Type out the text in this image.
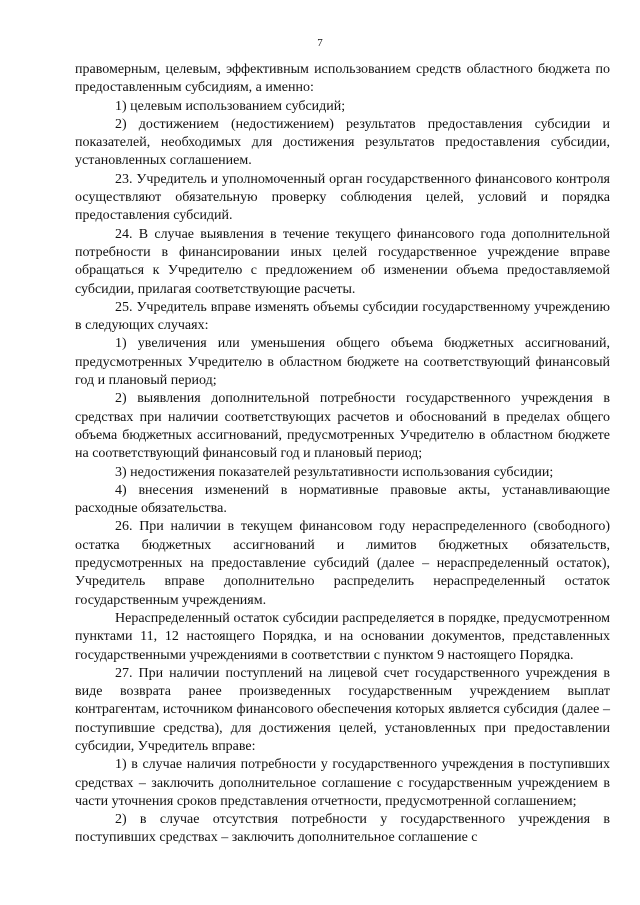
7

правомерным, целевым, эффективным использованием средств областного бюджета по предоставленным субсидиям, а именно:

1) целевым использованием субсидий;

2) достижением (недостижением) результатов предоставления субсидии и показателей, необходимых для достижения результатов предоставления субсидии, установленных соглашением.

23. Учредитель и уполномоченный орган государственного финансового контроля осуществляют обязательную проверку соблюдения целей, условий и порядка предоставления субсидий.

24. В случае выявления в течение текущего финансового года дополнительной потребности в финансировании иных целей государственное учреждение вправе обращаться к Учредителю с предложением об изменении объема предоставляемой субсидии, прилагая соответствующие расчеты.

25. Учредитель вправе изменять объемы субсидии государственному учреждению в следующих случаях:

1) увеличения или уменьшения общего объема бюджетных ассигнований, предусмотренных Учредителю в областном бюджете на соответствующий финансовый год и плановый период;

2) выявления дополнительной потребности государственного учреждения в средствах при наличии соответствующих расчетов и обоснований в пределах общего объема бюджетных ассигнований, предусмотренных Учредителю в областном бюджете на соответствующий финансовый год и плановый период;

3) недостижения показателей результативности использования субсидии;

4) внесения изменений в нормативные правовые акты, устанавливающие расходные обязательства.

26. При наличии в текущем финансовом году нераспределенного (свободного) остатка бюджетных ассигнований и лимитов бюджетных обязательств, предусмотренных на предоставление субсидий (далее – нераспределенный остаток), Учредитель вправе дополнительно распределить нераспределенный остаток государственным учреждениям.

Нераспределенный остаток субсидии распределяется в порядке, предусмотренном пунктами 11, 12 настоящего Порядка, и на основании документов, представленных государственными учреждениями в соответствии с пунктом 9 настоящего Порядка.

27. При наличии поступлений на лицевой счет государственного учреждения в виде возврата ранее произведенных государственным учреждением выплат контрагентам, источником финансового обеспечения которых является субсидия (далее – поступившие средства), для достижения целей, установленных при предоставлении субсидии, Учредитель вправе:

1) в случае наличия потребности у государственного учреждения в поступивших средствах – заключить дополнительное соглашение с государственным учреждением в части уточнения сроков представления отчетности, предусмотренной соглашением;

2) в случае отсутствия потребности у государственного учреждения в поступивших средствах – заключить дополнительное соглашение с
